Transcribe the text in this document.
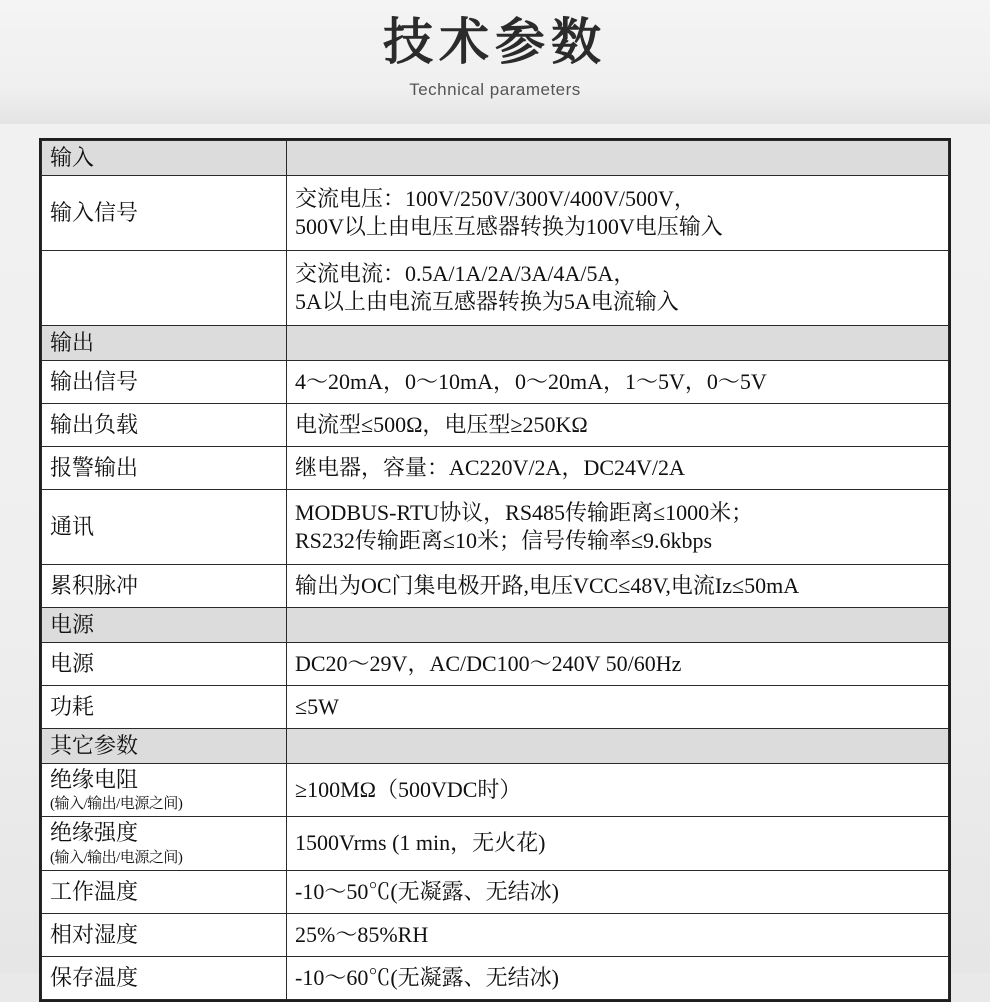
技术参数
Technical parameters
输入	
输入信号	交流电压：100V/250V/300V/400V/500V，
500V以上由电压互感器转换为100V电压输入

	交流电流：0.5A/1A/2A/3A/4A/5A，
5A以上由电流互感器转换为5A电流输入

输出	
输出信号	4～20mA，0～10mA，0～20mA，1～5V，0～5V

输出负载	电流型≤500Ω，电压型≥250KΩ

报警输出	继电器，容量：AC220V/2A，DC24V/2A

通讯	MODBUS-RTU协议，RS485传输距离≤1000米；
RS232传输距离≤10米；信号传输率≤9.6kbps

累积脉冲	输出为OC门集电极开路,电压VCC≤48V,电流Iz≤50mA

电源	
电源	DC20～29V，AC/DC100～240V 50/60Hz

功耗	≤5W

其它参数	
绝缘电阻
(输入/输出/电源之间)	≥100MΩ（500VDC时）

绝缘强度
(输入/输出/电源之间)	1500Vrms (1 min，无火花)

工作温度	-10～50℃(无凝露、无结冰)

相对湿度	25%～85%RH

保存温度	-10～60℃(无凝露、无结冰)
